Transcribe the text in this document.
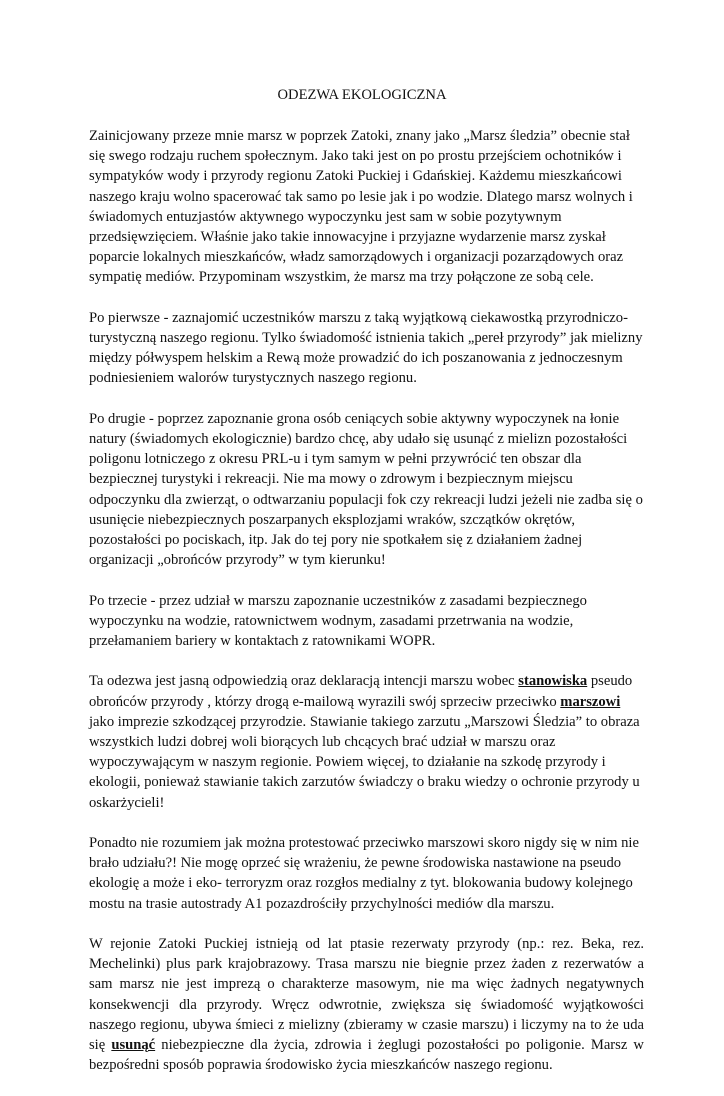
ODEZWA EKOLOGICZNA

Zainicjowany przeze mnie marsz w poprzek Zatoki, znany jako „Marsz śledzia” obecnie stał się swego rodzaju ruchem społecznym. Jako taki jest on po prostu przejściem ochotników i sympatyków wody i przyrody regionu Zatoki Puckiej i Gdańskiej. Każdemu mieszkańcowi naszego kraju wolno spacerować tak samo po lesie jak i po wodzie. Dlatego marsz wolnych i świadomych entuzjastów aktywnego wypoczynku jest sam w sobie pozytywnym przedsięwzięciem. Właśnie jako takie innowacyjne i przyjazne wydarzenie marsz zyskał poparcie lokalnych mieszkańców, władz samorządowych i organizacji pozarządowych oraz sympatię mediów. Przypominam wszystkim, że marsz ma trzy połączone ze sobą cele.

Po pierwsze - zaznajomić uczestników marszu z taką wyjątkową ciekawostką przyrodniczo-turystyczną naszego regionu. Tylko świadomość istnienia takich „pereł przyrody” jak mielizny między półwyspem helskim a Rewą może prowadzić do ich poszanowania z jednoczesnym podniesieniem walorów turystycznych naszego regionu.

Po drugie - poprzez zapoznanie grona osób ceniących sobie aktywny wypoczynek na łonie natury (świadomych ekologicznie) bardzo chcę, aby udało się usunąć z mielizn pozostałości poligonu lotniczego z okresu PRL-u i tym samym w pełni przywrócić ten obszar dla bezpiecznej turystyki i rekreacji. Nie ma mowy o zdrowym i bezpiecznym miejscu odpoczynku dla zwierząt, o odtwarzaniu populacji fok czy rekreacji ludzi jeżeli nie zadba się o usunięcie niebezpiecznych poszarpanych eksplozjami wraków, szczątków okrętów, pozostałości po pociskach, itp. Jak do tej pory nie spotkałem się z działaniem żadnej organizacji „obrońców przyrody” w tym kierunku!

Po trzecie - przez udział w marszu zapoznanie uczestników z zasadami bezpiecznego wypoczynku na wodzie, ratownictwem wodnym, zasadami przetrwania na wodzie, przełamaniem bariery w kontaktach z ratownikami WOPR.

Ta odezwa jest jasną odpowiedzią oraz deklaracją intencji marszu wobec stanowiska pseudo obrońców przyrody , którzy drogą e-mailową wyrazili swój sprzeciw przeciwko marszowi jako imprezie szkodzącej przyrodzie. Stawianie takiego zarzutu „Marszowi Śledzia” to obraza wszystkich ludzi dobrej woli biorących lub chcących brać udział w marszu oraz wypoczywającym w naszym regionie. Powiem więcej, to działanie na szkodę przyrody i ekologii, ponieważ stawianie takich zarzutów świadczy o braku wiedzy o ochronie przyrody u oskarżycieli!

Ponadto nie rozumiem jak można protestować przeciwko marszowi skoro nigdy się w nim nie brało udziału?! Nie mogę oprzeć się wrażeniu, że pewne środowiska nastawione na pseudo ekologię a może i eko- terroryzm oraz rozgłos medialny z tyt. blokowania budowy kolejnego mostu na trasie autostrady A1 pozazdrościły przychylności mediów dla marszu.

W rejonie Zatoki Puckiej istnieją od lat ptasie rezerwaty przyrody (np.: rez. Beka, rez. Mechelinki) plus park krajobrazowy. Trasa marszu nie biegnie przez żaden z rezerwatów a sam marsz nie jest imprezą o charakterze masowym, nie ma więc żadnych negatywnych konsekwencji dla przyrody. Wręcz odwrotnie, zwiększa się świadomość wyjątkowości naszego regionu, ubywa śmieci z mielizny (zbieramy w czasie marszu) i liczymy na to że uda się usunąć niebezpieczne dla życia, zdrowia i żeglugi pozostałości po poligonie. Marsz w bezpośredni sposób poprawia środowisko życia mieszkańców naszego regionu.
